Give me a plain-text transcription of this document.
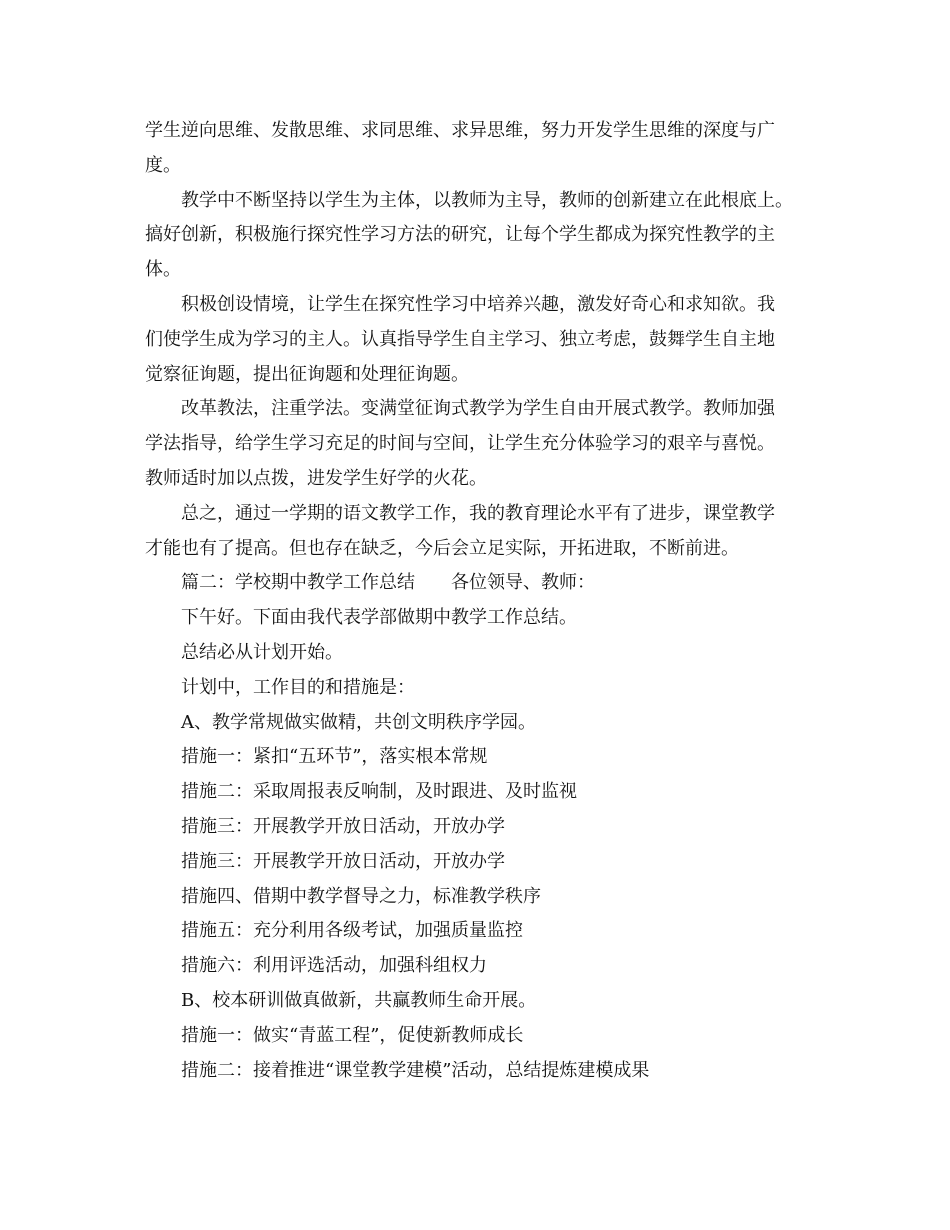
学生逆向思维、发散思维、求同思维、求异思维，努力开发学生思维的深度与广
度。
教学中不断坚持以学生为主体，以教师为主导，教师的创新建立在此根底上。
搞好创新，积极施行探究性学习方法的研究，让每个学生都成为探究性教学的主
体。
积极创设情境，让学生在探究性学习中培养兴趣，激发好奇心和求知欲。我
们使学生成为学习的主人。认真指导学生自主学习、独立考虑，鼓舞学生自主地
觉察征询题，提出征询题和处理征询题。
改革教法，注重学法。变满堂征询式教学为学生自由开展式教学。教师加强
学法指导，给学生学习充足的时间与空间，让学生充分体验学习的艰辛与喜悦。
教师适时加以点拨，进发学生好学的火花。
总之，通过一学期的语文教学工作，我的教育理论水平有了进步，课堂教学
才能也有了提高。但也存在缺乏，今后会立足实际，开拓进取，不断前进。
篇二：学校期中教学工作总结　　各位领导、教师：
下午好。下面由我代表学部做期中教学工作总结。
总结必从计划开始。
计划中，工作目的和措施是：
A、教学常规做实做精，共创文明秩序学园。
措施一：紧扣“五环节”，落实根本常规
措施二：采取周报表反响制，及时跟进、及时监视
措施三：开展教学开放日活动，开放办学
措施三：开展教学开放日活动，开放办学
措施四、借期中教学督导之力，标准教学秩序
措施五：充分利用各级考试，加强质量监控
措施六：利用评选活动，加强科组权力
B、校本研训做真做新，共赢教师生命开展。
措施一：做实“青蓝工程”，促使新教师成长
措施二：接着推进“课堂教学建模”活动，总结提炼建模成果
